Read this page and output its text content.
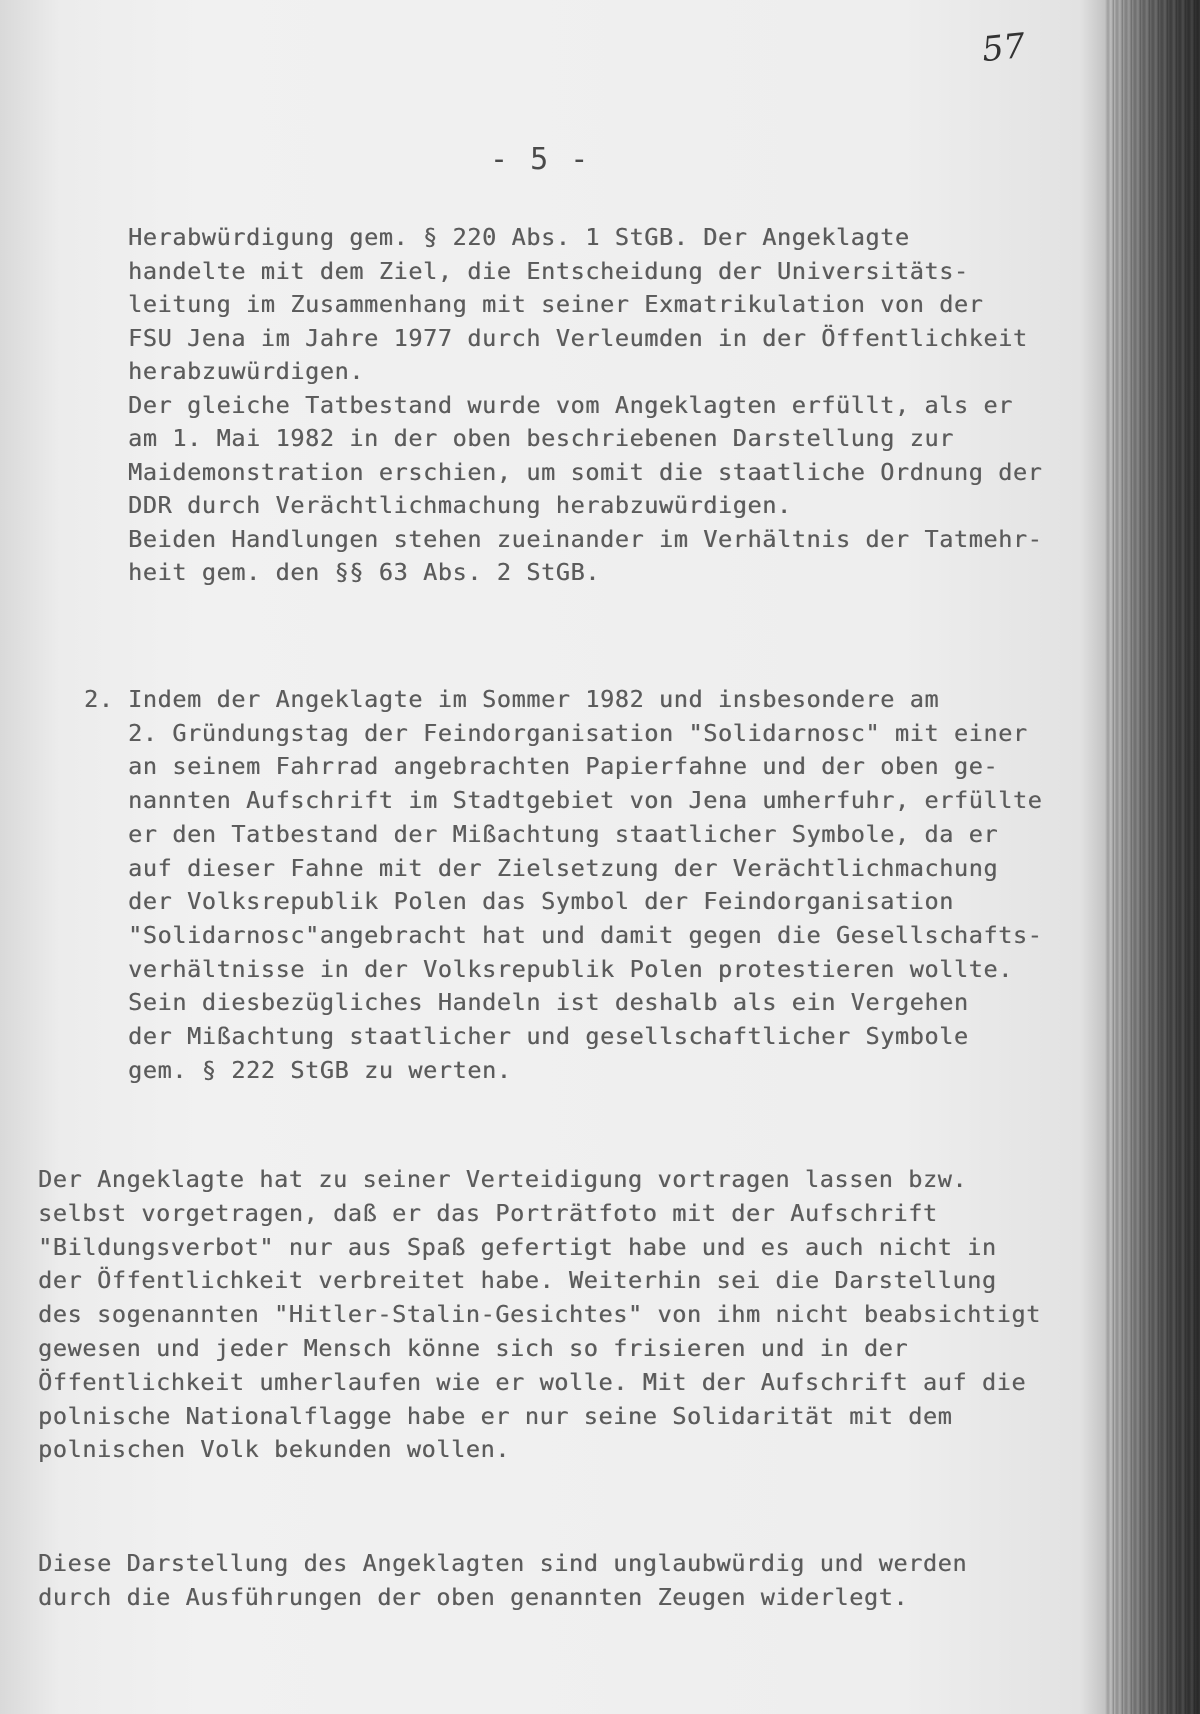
57
- 5 -
Herabwürdigung gem. § 220 Abs. 1 StGB. Der Angeklagte
handelte mit dem Ziel, die Entscheidung der Universitäts-
leitung im Zusammenhang mit seiner Exmatrikulation von der
FSU Jena im Jahre 1977 durch Verleumden in der Öffentlichkeit
herabzuwürdigen.
Der gleiche Tatbestand wurde vom Angeklagten erfüllt, als er
am 1. Mai 1982 in der oben beschriebenen Darstellung zur
Maidemonstration erschien, um somit die staatliche Ordnung der
DDR durch Verächtlichmachung herabzuwürdigen.
Beiden Handlungen stehen zueinander im Verhältnis der Tatmehr-
heit gem. den §§ 63 Abs. 2 StGB.
2. Indem der Angeklagte im Sommer 1982 und insbesondere am
2. Gründungstag der Feindorganisation "Solidarnosc" mit einer
an seinem Fahrrad angebrachten Papierfahne und der oben ge-
nannten Aufschrift im Stadtgebiet von Jena umherfuhr, erfüllte
er den Tatbestand der Mißachtung staatlicher Symbole, da er
auf dieser Fahne mit der Zielsetzung der Verächtlichmachung
der Volksrepublik Polen das Symbol der Feindorganisation
"Solidarnosc"angebracht hat und damit gegen die Gesellschafts-
verhältnisse in der Volksrepublik Polen protestieren wollte.
Sein diesbezügliches Handeln ist deshalb als ein Vergehen
der Mißachtung staatlicher und gesellschaftlicher Symbole
gem. § 222 StGB zu werten.
Der Angeklagte hat zu seiner Verteidigung vortragen lassen bzw.
selbst vorgetragen, daß er das Porträtfoto mit der Aufschrift
"Bildungsverbot" nur aus Spaß gefertigt habe und es auch nicht in
der Öffentlichkeit verbreitet habe. Weiterhin sei die Darstellung
des sogenannten "Hitler-Stalin-Gesichtes" von ihm nicht beabsichtigt
gewesen und jeder Mensch könne sich so frisieren und in der
Öffentlichkeit umherlaufen wie er wolle. Mit der Aufschrift auf die
polnische Nationalflagge habe er nur seine Solidarität mit dem
polnischen Volk bekunden wollen.
Diese Darstellung des Angeklagten sind unglaubwürdig und werden
durch die Ausführungen der oben genannten Zeugen widerlegt.
